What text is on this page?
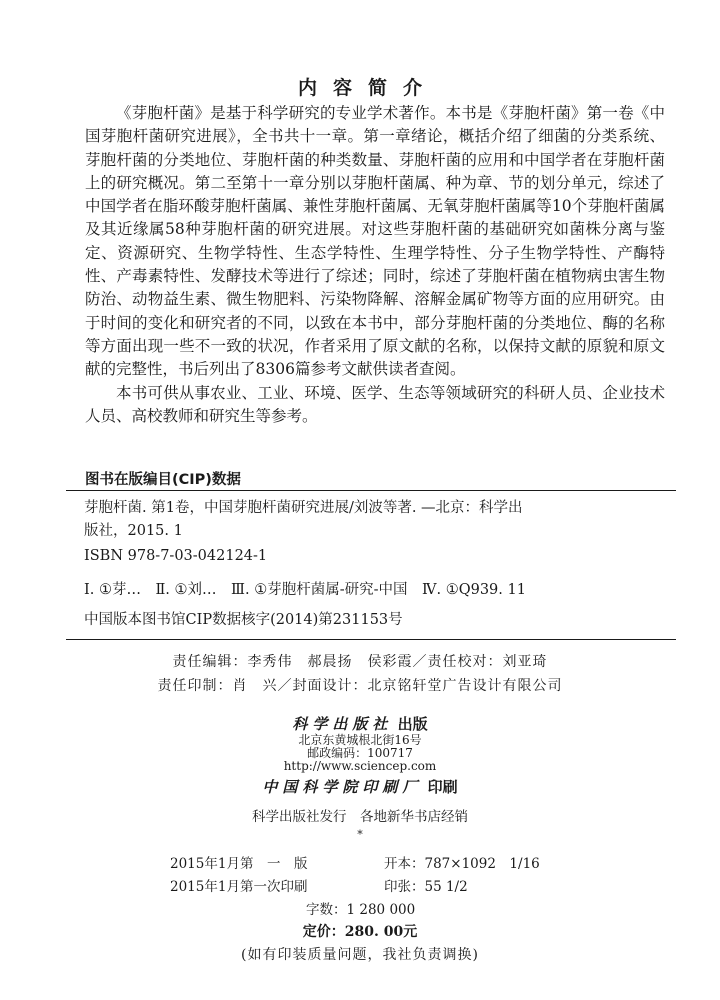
内容简介

《芽胞杆菌》是基于科学研究的专业学术著作。本书是《芽胞杆菌》第一卷《中国芽胞杆菌研究进展》，全书共十一章。第一章绪论，概括介绍了细菌的分类系统、芽胞杆菌的分类地位、芽胞杆菌的种类数量、芽胞杆菌的应用和中国学者在芽胞杆菌上的研究概况。第二至第十一章分别以芽胞杆菌属、种为章、节的划分单元，综述了中国学者在脂环酸芽胞杆菌属、兼性芽胞杆菌属、无氧芽胞杆菌属等10个芽胞杆菌属及其近缘属58种芽胞杆菌的研究进展。对这些芽胞杆菌的基础研究如菌株分离与鉴定、资源研究、生物学特性、生态学特性、生理学特性、分子生物学特性、产酶特性、产毒素特性、发酵技术等进行了综述；同时，综述了芽胞杆菌在植物病虫害生物防治、动物益生素、微生物肥料、污染物降解、溶解金属矿物等方面的应用研究。由于时间的变化和研究者的不同，以致在本书中，部分芽胞杆菌的分类地位、酶的名称等方面出现一些不一致的状况，作者采用了原文献的名称，以保持文献的原貌和原文献的完整性，书后列出了8306篇参考文献供读者查阅。

本书可供从事农业、工业、环境、医学、生态等领域研究的科研人员、企业技术人员、高校教师和研究生等参考。

图书在版编目(CIP)数据
芽胞杆菌. 第1卷，中国芽胞杆菌研究进展/刘波等著. —北京：科学出
版社，2015. 1
ISBN 978-7-03-042124-1
Ⅰ. ①芽…　Ⅱ. ①刘…　Ⅲ. ①芽胞杆菌属-研究-中国　Ⅳ. ①Q939. 11
中国版本图书馆CIP数据核字(2014)第231153号
责任编辑：李秀伟　郝晨扬　侯彩霞／责任校对：刘亚琦
责任印制：肖　兴／封面设计：北京铭轩堂广告设计有限公司
科学出版社 出版
北京东黄城根北街16号
邮政编码：100717
http://www.sciencep.com
中国科学院印刷厂 印刷
科学出版社发行　各地新华书店经销
*
2015年1月第　一　版	开本：787×1092　1/16
2015年1月第一次印刷	印张：55 1/2
字数：1 280 000
定价：280. 00元
(如有印装质量问题，我社负责调换)
